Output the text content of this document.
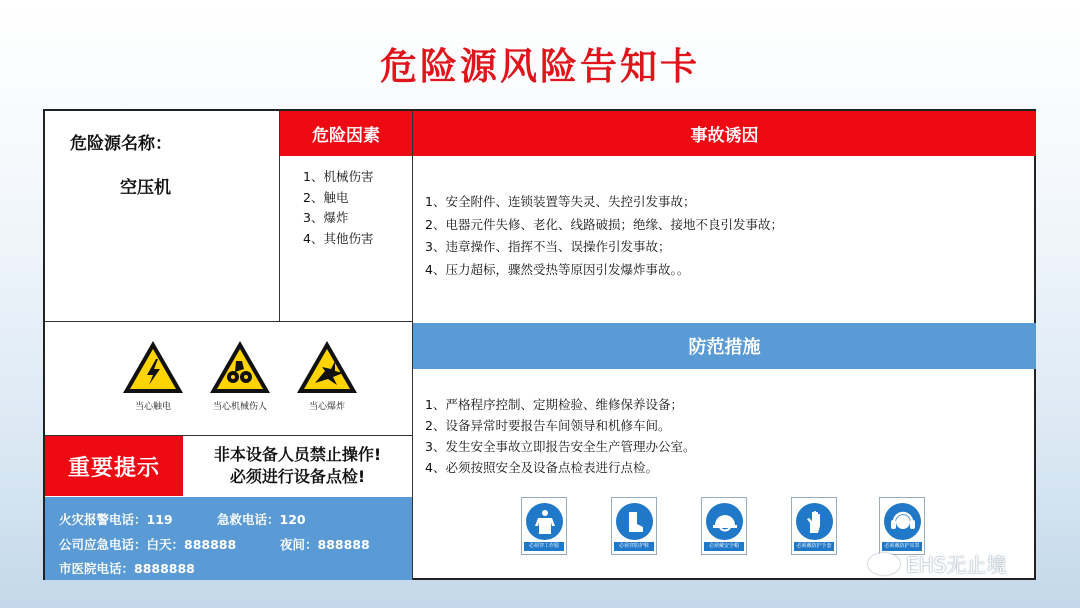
危险源风险告知卡
危险源名称：
空压机
危险因素
1、机械伤害
2、触电
3、爆炸
4、其他伤害
事故诱因
1、安全附件、连锁装置等失灵、失控引发事故；
2、电器元件失修、老化、线路破损；绝缘、接地不良引发事故；
3、违章操作、指挥不当、误操作引发事故；
4、压力超标，骤然受热等原因引发爆炸事故。。
当心触电	当心机械伤人	当心爆炸
重要提示
非本设备人员禁止操作!
必须进行设备点检!
火灾报警电话：119	急救电话：120
公司应急电话：白天：888888	夜间：888888
市医院电话：8888888
防范措施
1、严格程序控制、定期检验、维修保养设备；
2、设备异常时要报告车间领导和机修车间。
3、发生安全事故立即报告安全生产管理办公室。
4、必须按照安全及设备点检表进行点检。
必须穿工作服	必须穿防护鞋	必须戴安全帽	必须戴防护手套	必须戴防护耳罩
EHS无止境
